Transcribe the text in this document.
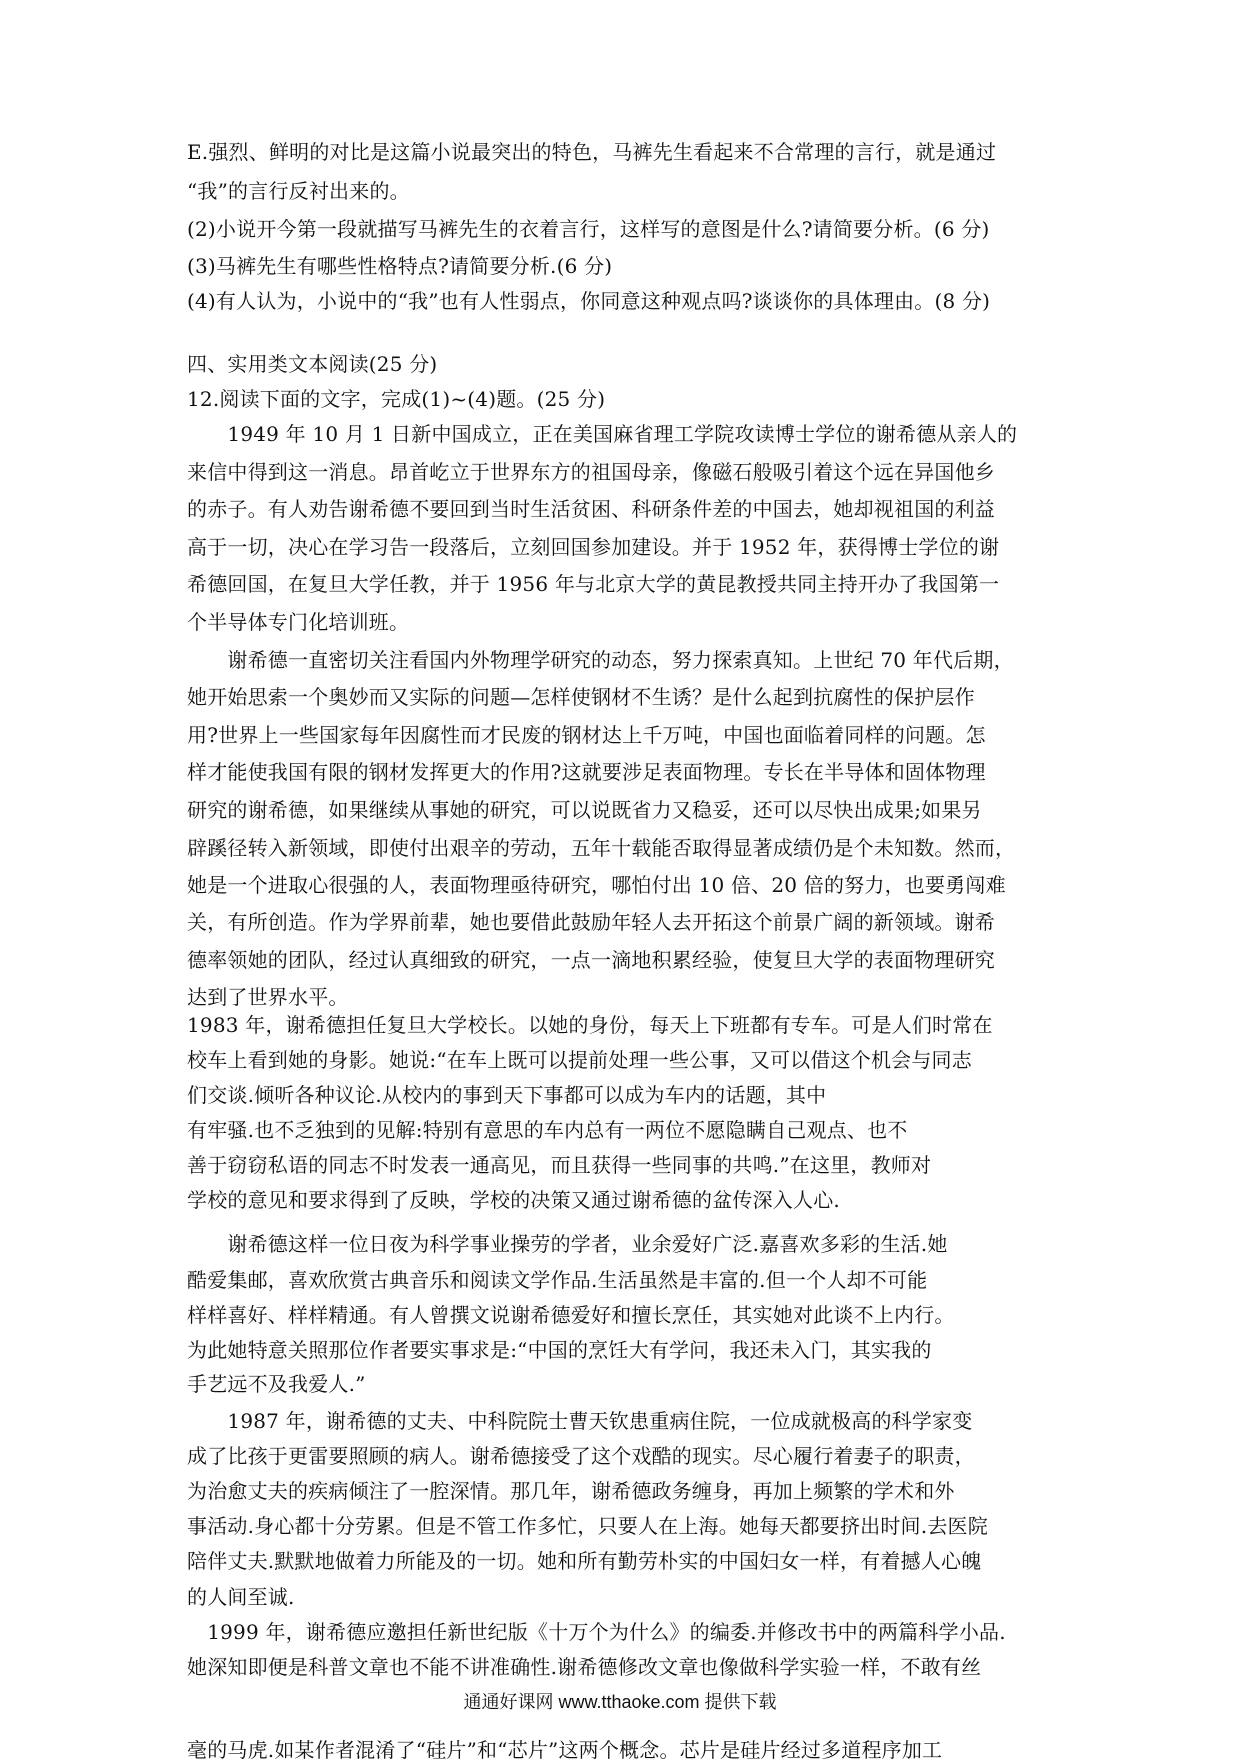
E.强烈、鲜明的对比是这篇小说最突出的特色，马裤先生看起来不合常理的言行，就是通过
“我”的言行反衬出来的。
(2)小说开今第一段就描写马裤先生的衣着言行，这样写的意图是什么?请简要分析。(6 分)
(3)马裤先生有哪些性格特点?请简要分析.(6 分)
(4)有人认为，小说中的“我”也有人性弱点，你同意这种观点吗?谈谈你的具体理由。(8 分)
四、实用类文本阅读(25 分)
12.阅读下面的文字，完成(1)~(4)题。(25 分)
　　1949 年 10 月 1 日新中国成立，正在美国麻省理工学院攻读博士学位的谢希德从亲人的
来信中得到这一消息。昂首屹立于世界东方的祖国母亲，像磁石般吸引着这个远在异国他乡
的赤子。有人劝告谢希德不要回到当时生活贫困、科研条件差的中国去，她却视祖国的利益
高于一切，决心在学习告一段落后，立刻回国参加建设。并于 1952 年，获得博士学位的谢
希德回国，在复旦大学任教，并于 1956 年与北京大学的黄昆教授共同主持开办了我国第一
个半导体专门化培训班。
　　谢希德一直密切关注看国内外物理学研究的动态，努力探索真知。上世纪 70 年代后期，
她开始思索一个奥妙而又实际的问题—怎样使钢材不生诱？是什么起到抗腐性的保护层作
用?世界上一些国家每年因腐性而才民废的钢材达上千万吨，中国也面临着同样的问题。怎
样才能使我国有限的钢材发挥更大的作用?这就要涉足表面物理。专长在半导体和固体物理
研究的谢希德，如果继续从事她的研究，可以说既省力又稳妥，还可以尽快出成果;如果另
辟蹊径转入新领域，即使付出艰辛的劳动，五年十载能否取得显著成绩仍是个未知数。然而，
她是一个进取心很强的人，表面物理亟待研究，哪怕付出 10 倍、20 倍的努力，也要勇闯难
关，有所创造。作为学界前辈，她也要借此鼓励年轻人去开拓这个前景广阔的新领域。谢希
德率领她的团队，经过认真细致的研究，一点一滴地积累经验，使复旦大学的表面物理研究
达到了世界水平。
1983 年，谢希德担任复旦大学校长。以她的身份，每天上下班都有专车。可是人们时常在
校车上看到她的身影。她说:“在车上既可以提前处理一些公事，又可以借这个机会与同志
们交谈.倾听各种议论.从校内的事到天下事都可以成为车内的话题，其中
有牢骚.也不乏独到的见解:特别有意思的车内总有一两位不愿隐瞒自己观点、也不
善于窃窃私语的同志不时发表一通高见，而且获得一些同事的共鸣.”在这里，教师对
学校的意见和要求得到了反映，学校的决策又通过谢希德的盆传深入人心.
　　谢希德这样一位日夜为科学事业操劳的学者，业余爱好广泛.嘉喜欢多彩的生活.她
酷爱集邮，喜欢欣赏古典音乐和阅读文学作品.生活虽然是丰富的.但一个人却不可能
样样喜好、样样精通。有人曾撰文说谢希德爱好和擅长烹任，其实她对此谈不上内行。
为此她特意关照那位作者要实事求是:“中国的烹饪大有学问，我还未入门，其实我的
手艺远不及我爱人.”
　　1987 年，谢希德的丈夫、中科院院士曹天钦患重病住院，一位成就极高的科学家变
成了比孩于更雷要照顾的病人。谢希德接受了这个戏酷的现实。尽心履行着妻子的职责，
为治愈丈夫的疾病倾注了一腔深情。那几年，谢希德政务缠身，再加上频繁的学术和外
事活动.身心都十分劳累。但是不管工作多忙，只要人在上海。她每天都要挤出时间.去医院
陪伴丈夫.默默地做着力所能及的一切。她和所有勤劳朴实的中国妇女一样，有着撼人心魄
的人间至诚.
　1999 年，谢希德应邀担任新世纪版《十万个为什么》的编委.并修改书中的两篇科学小品.
她深知即便是科普文章也不能不讲准确性.谢希德修改文章也像做科学实验一样，不敢有丝
毫的马虎.如某作者混淆了“硅片”和“芯片”这两个概念。芯片是硅片经过多道程序加工
通通好课网 www.tthaoke.com 提供下载
